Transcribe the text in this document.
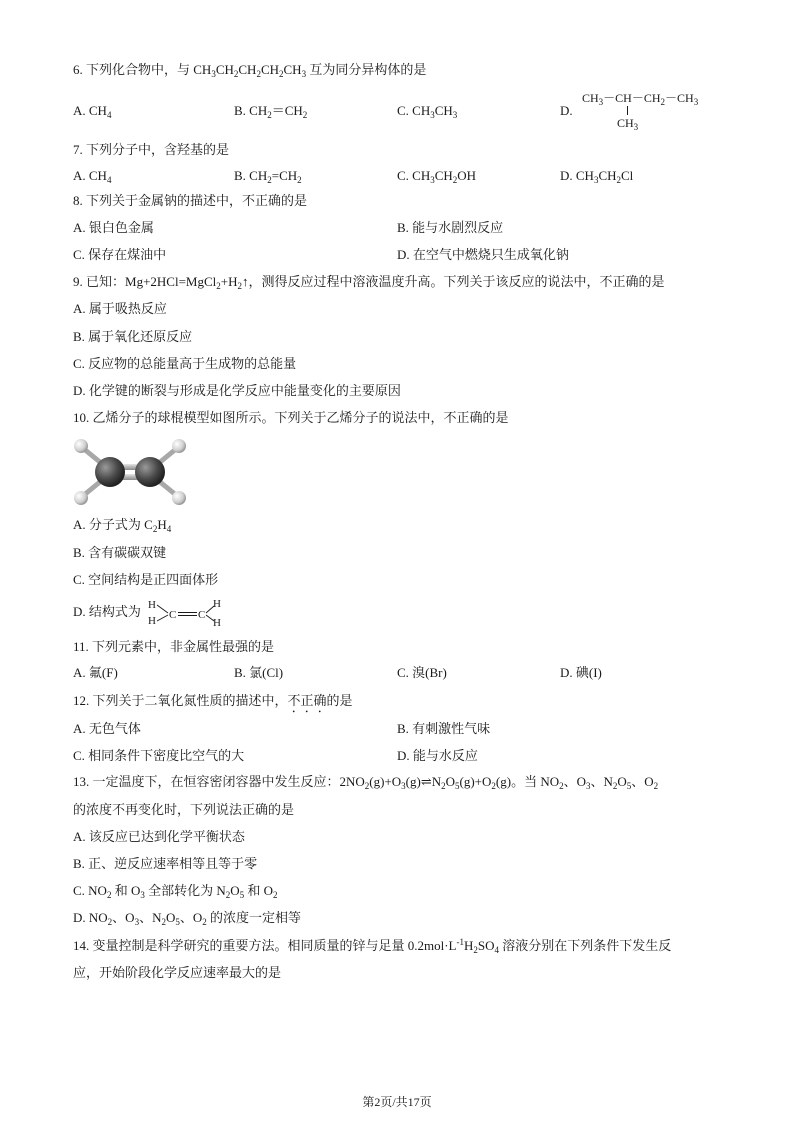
6. 下列化合物中，与 $CH_3CH_2CH_2CH_2CH_3$ 互为同分异构体的是
A. $CH_4$	B. $CH_2=CH_2$	C. $CH_3CH_3$	D.
$CH_3-CH-CH_2-CH_3$
$CH_3$
7. 下列分子中，含羟基的是
A. $CH_4$	B. $CH_2=CH_2$	C. $CH_3CH_2OH$	D. $CH_3CH_2Cl$
8. 下列关于金属钠的描述中，不正确的是
A. 银白色金属	B. 能与水剧烈反应
C. 保存在煤油中	D. 在空气中燃烧只生成氧化钠
9. 已知：$Mg+2HCl=MgCl_2+H_2↑$，测得反应过程中溶液温度升高。下列关于该反应的说法中，不正确的是
A. 属于吸热反应
B. 属于氧化还原反应
C. 反应物的总能量高于生成物的总能量
D. 化学键的断裂与形成是化学反应中能量变化的主要原因
10. 乙烯分子的球棍模型如图所示。下列关于乙烯分子的说法中，不正确的是
A. 分子式为 $C_2H_4$
B. 含有碳碳双键
C. 空间结构是正四面体形
D. 结构式为 H
H C C
H
H
11. 下列元素中，非金属性最强的是
A. 氟(F)	B. 氯(Cl)	C. 溴(Br)	D. 碘(I)
12. 下列关于二氧化氮性质的描述中，不正确的是
A. 无色气体	B. 有刺激性气味
C. 相同条件下密度比空气的大	D. 能与水反应
13. 一定温度下，在恒容密闭容器中发生反应：$2NO_2(g)+O_3(g)\rightleftharpoons N_2O_5(g)+O_2(g)$。当 $NO_2$、$O_3$、$N_2O_5$、$O_2$
的浓度不再变化时，下列说法正确的是
A. 该反应已达到化学平衡状态
B. 正、逆反应速率相等且等于零
C. $NO_2$ 和 $O_3$ 全部转化为 $N_2O_5$ 和 $O_2$
D. $NO_2$、$O_3$、$N_2O_5$、$O_2$ 的浓度一定相等
14. 变量控制是科学研究的重要方法。相同质量的锌与足量 $0.2mol\cdot L^{-1}H_2SO_4$ 溶液分别在下列条件下发生反
应，开始阶段化学反应速率最大的是
第2页/共17页
